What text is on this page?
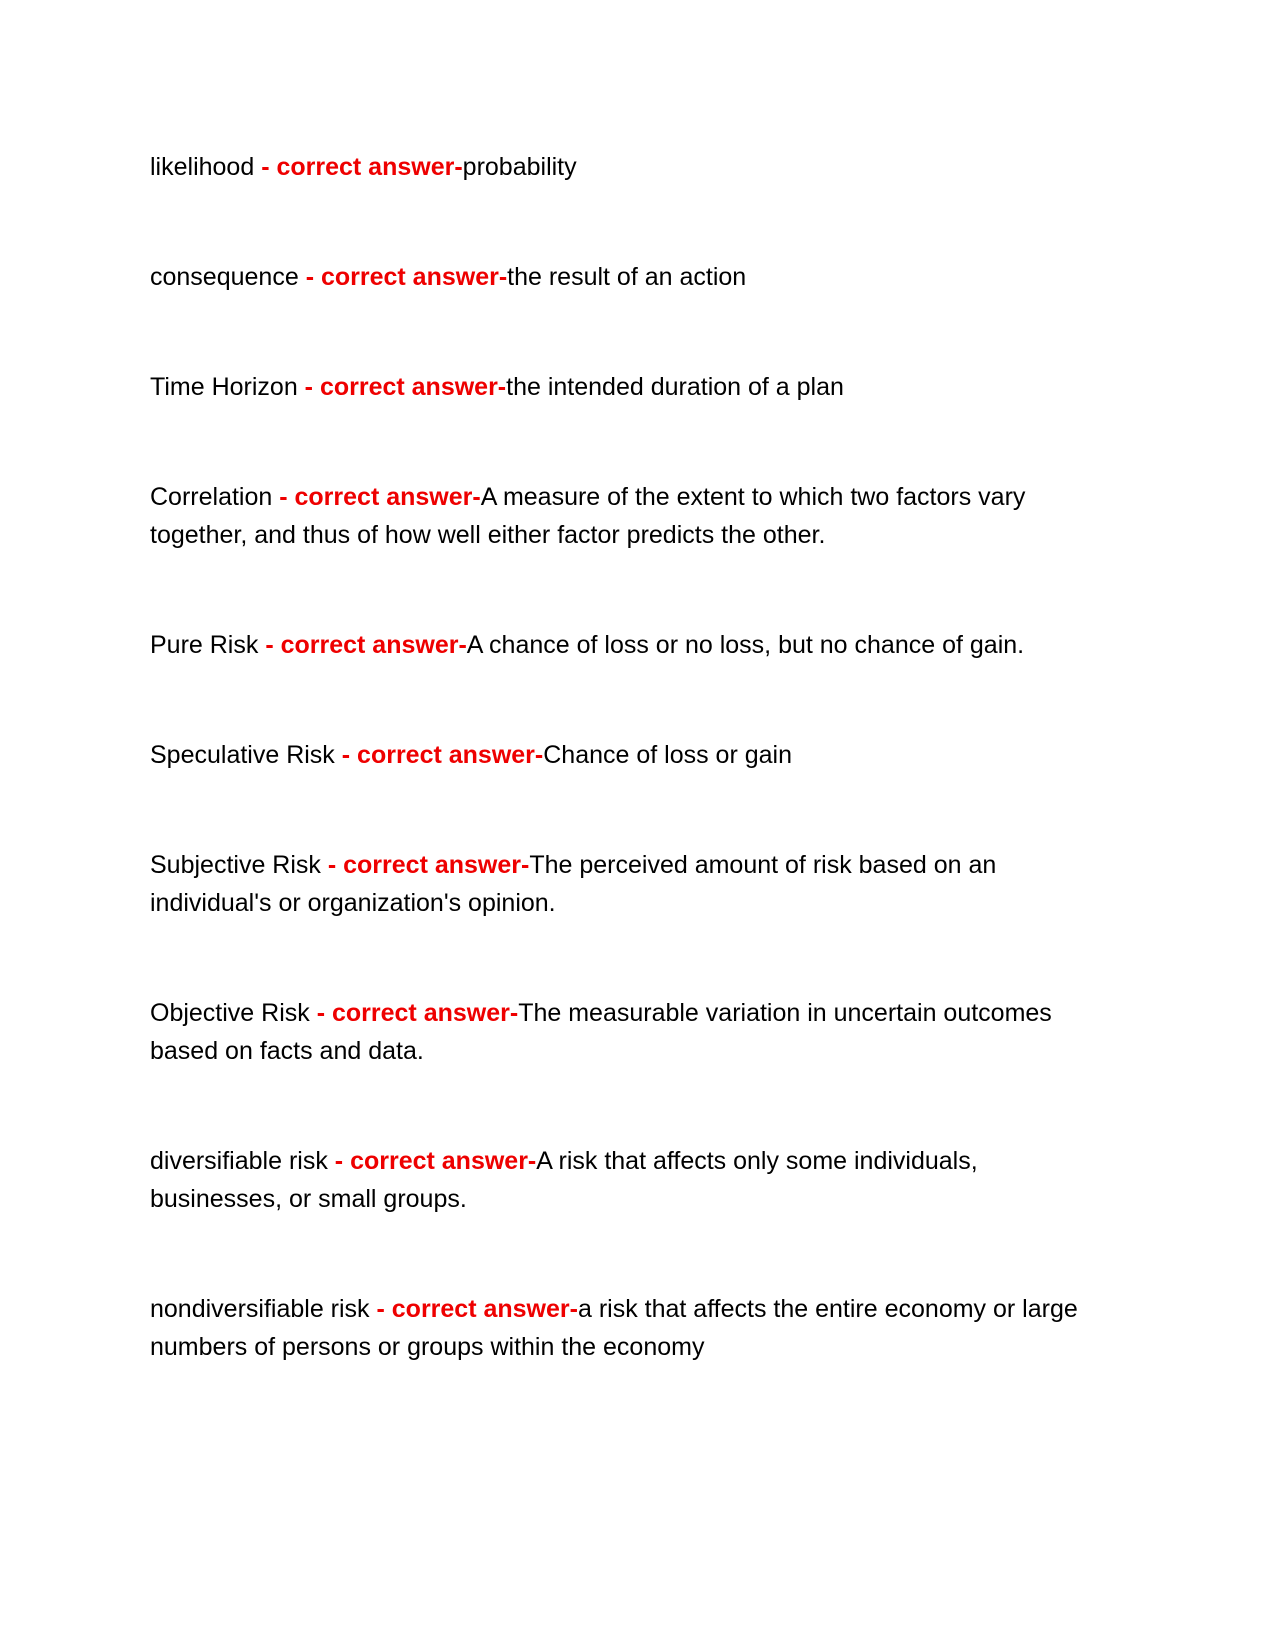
likelihood - correct answer-probability

consequence - correct answer-the result of an action

Time Horizon - correct answer-the intended duration of a plan

Correlation - correct answer-A measure of the extent to which two factors vary together, and thus of how well either factor predicts the other.

Pure Risk - correct answer-A chance of loss or no loss, but no chance of gain.

Speculative Risk - correct answer-Chance of loss or gain

Subjective Risk - correct answer-The perceived amount of risk based on an individual's or organization's opinion.

Objective Risk - correct answer-The measurable variation in uncertain outcomes based on facts and data.

diversifiable risk - correct answer-A risk that affects only some individuals, businesses, or small groups.

nondiversifiable risk - correct answer-a risk that affects the entire economy or large numbers of persons or groups within the economy
